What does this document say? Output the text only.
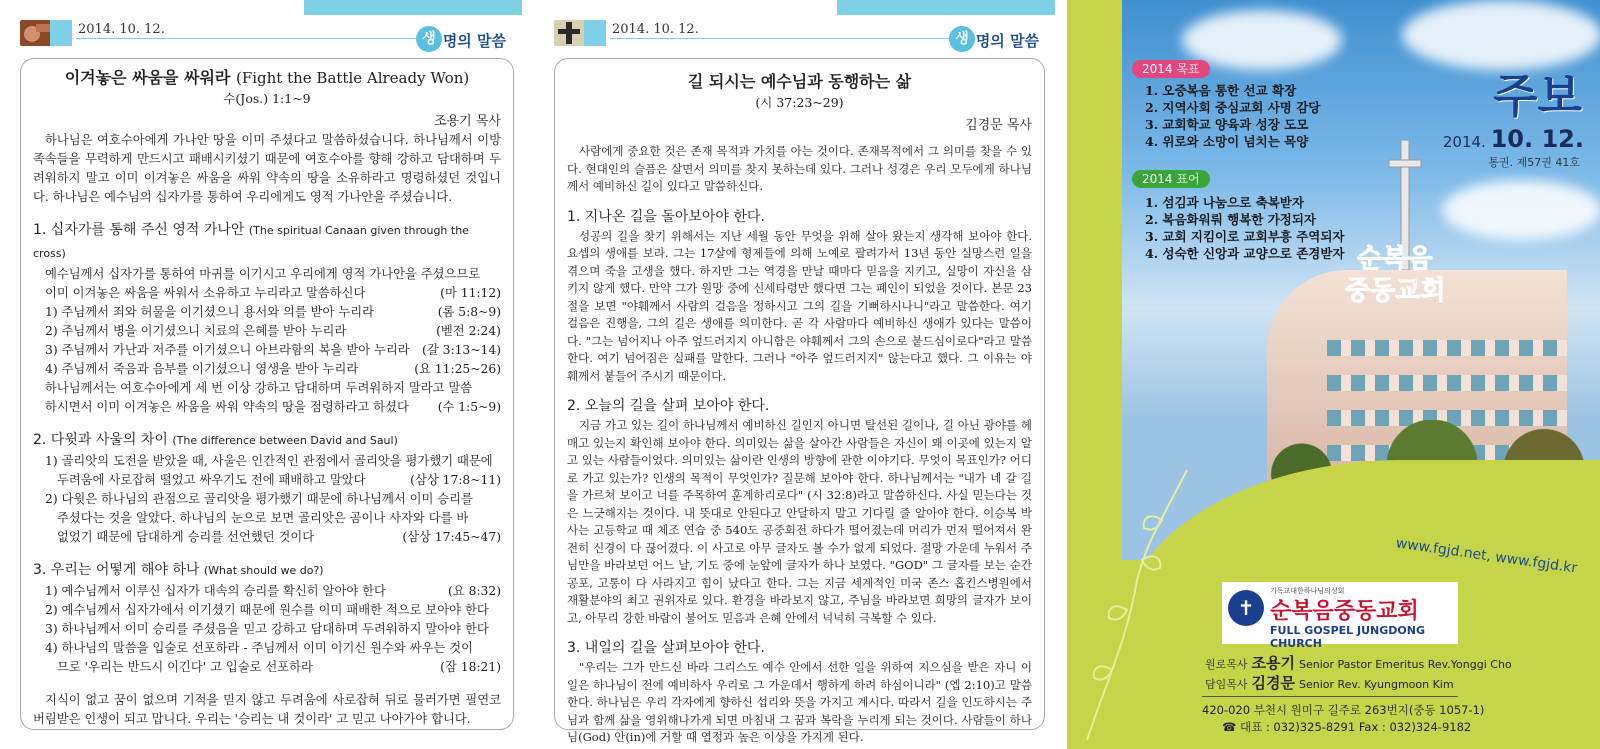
2014. 10. 12.
생 명의 말씀
이겨놓은 싸움을 싸워라 (Fight the Battle Already Won)
수(Jos.) 1:1~9
조용기 목사
하나님은 여호수아에게 가나안 땅을 이미 주셨다고 말씀하셨습니다. 하나님께서 이방 족속들을 무력하게 만드시고 패배시키셨기 때문에 여호수아를 향해 강하고 담대하며 두려워하지 말고 이미 이겨놓은 싸움을 싸워 약속의 땅을 소유하라고 명령하셨던 것입니다. 하나님은 예수님의 십자가를 통하여 우리에게도 영적 가나안을 주셨습니다.
1. 십자가를 통해 주신 영적 가나안 (The spiritual Canaan given through the cross)
예수님께서 십자가를 통하여 마귀를 이기시고 우리에게 영적 가나안을 주셨으므로
이미 이겨놓은 싸움을 싸워서 소유하고 누리라고 말씀하신다	(마 11:12)
1) 주님께서 죄와 허물을 이기셨으니 용서와 의를 받아 누리라	(롬 5:8~9)
2) 주님께서 병을 이기셨으니 치료의 은혜를 받아 누리라	(벧전 2:24)
3) 주님께서 가난과 저주를 이기셨으니 아브라함의 복을 받아 누리라	(갈 3:13~14)
4) 주님께서 죽음과 음부를 이기셨으니 영생을 받아 누리라	(요 11:25~26)
하나님께서는 여호수아에게 세 번 이상 강하고 담대하며 두려워하지 말라고 말씀
하시면서 이미 이겨놓은 싸움을 싸워 약속의 땅을 점령하라고 하셨다	(수 1:5~9)
2. 다윗과 사울의 차이 (The difference between David and Saul)
1) 골리앗의 도전을 받았을 때, 사울은 인간적인 관점에서 골리앗을 평가했기 때문에
두려움에 사로잡혀 떨었고 싸우기도 전에 패배하고 말았다	(삼상 17:8~11)
2) 다윗은 하나님의 관점으로 골리앗을 평가했기 때문에 하나님께서 이미 승리를
주셨다는 것을 알았다. 하나님의 눈으로 보면 골리앗은 곰이나 사자와 다를 바
없었기 때문에 담대하게 승리를 선언했던 것이다	(삼상 17:45~47)
3. 우리는 어떻게 해야 하나 (What should we do?)
1) 예수님께서 이루신 십자가 대속의 승리를 확신히 알아야 한다	(요 8:32)
2) 예수님께서 십자가에서 이기셨기 때문에 원수를 이미 패배한 적으로 보아야 한다
3) 하나님께서 이미 승리를 주셨음을 믿고 강하고 담대하며 두려워하지 말아야 한다
4) 하나님의 말씀을 입술로 선포하라 - 주님께서 이미 이기신 원수와 싸우는 것이
므로 '우리는 반드시 이긴다' 고 입술로 선포하라	(잠 18:21)
지식이 없고 꿈이 없으며 기적을 믿지 않고 두려움에 사로잡혀 뒤로 물러가면 필연코 버림받은 인생이 되고 맙니다. 우리는 '승리는 내 것이라' 고 믿고 나아가야 합니다.
2014. 10. 12.
생 명의 말씀
길 되시는 예수님과 동행하는 삶
(시 37:23~29)
김경문 목사
사람에게 중요한 것은 존재 목적과 가치를 아는 것이다. 존재목적에서 그 의미를 찾을 수 있다. 현대인의 슬픔은 살면서 의미를 찾지 못하는데 있다. 그러나 성경은 우리 모두에게 하나님께서 예비하신 길이 있다고 말씀하신다.
1. 지나온 길을 돌아보아야 한다.
성공의 길을 찾기 위해서는 지난 세월 동안 무엇을 위해 살아 왔는지 생각해 보아야 한다. 요셉의 생애를 보라. 그는 17살에 형제들에 의해 노예로 팔려가서 13년 동안 실망스런 일을 겪으며 죽을 고생을 했다. 하지만 그는 역경을 만날 때마다 믿음을 지키고, 실망이 자신을 삼키지 않게 했다. 만약 그가 원망 중에 신세타령만 했다면 그는 폐인이 되었을 것이다. 본문 23절을 보면 "야훼께서 사람의 걸음을 정하시고 그의 길을 기뻐하시나니"라고 말씀한다. 여기 걸음은 진행을, 그의 길은 생애를 의미한다. 곧 각 사람마다 예비하신 생애가 있다는 말씀이다. "그는 넘어지나 아주 엎드러지지 아니함은 야훼께서 그의 손으로 붙드심이로다"라고 말씀한다. 여기 넘어짐은 실패를 말한다. 그러나 "아주 엎드러지지" 않는다고 했다. 그 이유는 야훼께서 붙들어 주시기 때문이다.
2. 오늘의 길을 살펴 보아야 한다.
지금 가고 있는 길이 하나님께서 예비하신 길인지 아니면 탈선된 길이나, 길 아닌 광야를 헤매고 있는지 확인해 보아야 한다. 의미있는 삶을 살아간 사람들은 자신이 왜 이곳에 있는지 알고 있는 사람들이었다. 의미있는 삶이란 인생의 방향에 관한 이야기다. 무엇이 목표인가? 어디로 가고 있는가? 인생의 목적이 무엇인가? 질문해 보아야 한다. 하나님께서는 "내가 네 갈 길을 가르쳐 보이고 너를 주목하여 훈계하리로다" (시 32:8)라고 말씀하신다. 사실 믿는다는 것은 느긋해지는 것이다. 내 뜻대로 안된다고 안달하지 말고 기다릴 줄 알아야 한다. 이승복 박사는 고등학교 때 체조 연습 중 540도 공중회전 하다가 떨어졌는데 머리가 먼저 떨어져서 완전히 신경이 다 끊어졌다. 이 사고로 아무 글자도 볼 수가 없게 되었다. 절망 가운데 누워서 주님만을 바라보던 어느 날, 기도 중에 눈앞에 글자가 하나 보였다. "GOD" 그 글자를 보는 순간 공포, 고통이 다 사라지고 힘이 났다고 한다. 그는 지금 세계적인 미국 존스 홉킨스병원에서 재활분야의 최고 권위자로 있다. 환경을 바라보지 않고, 주님을 바라보면 희망의 글자가 보이고, 아무리 강한 바람이 불어도 믿음과 은혜 안에서 넉넉히 극복할 수 있다.
3. 내일의 길을 살펴보아야 한다.
"우리는 그가 만드신 바라 그리스도 예수 안에서 선한 일을 위하여 지으심을 받은 자니 이 일은 하나님이 전에 예비하사 우리로 그 가운데서 행하게 하려 하심이니라" (엡 2:10)고 말씀한다. 하나님은 우리 각자에게 향하신 섭리와 뜻을 가지고 계시다. 따라서 길을 인도하시는 주님과 함께 삶을 영위해나가게 되면 마침내 그 꿈과 복락을 누리게 되는 것이다. 사람들이 하나님(God) 안(in)에 거할 때 열정과 높은 이상을 가지게 된다.
순복음
중동교회
주보
2014. 10. 12.
통권. 제57권 41호
2014 목표
1. 오중복음 통한 선교 확장
2. 지역사회 중심교회 사명 감당
3. 교회학교 양육과 성장 도모
4. 위로와 소망이 넘치는 목양
2014 표어
1. 섬김과 나눔으로 축복받자
2. 복음화워뤄 행복한 가정되자
3. 교회 지킴이로 교회부흥 주역되자
4. 성숙한 신앙과 교양으로 존경받자
www.fgjd.net, www.fgjd.kr
✝
기독교대한하나님의성회
순복음중동교회
FULL GOSPEL JUNGDONG CHURCH
원로목사 조용기 Senior Pastor Emeritus Rev.Yonggi Cho
담임목사 김경문 Senior Rev. Kyungmoon Kim
420-020 부천시 원미구 길주로 263번지(중동 1057-1)
☎ 대표 : 032)325-8291 Fax : 032)324-9182
